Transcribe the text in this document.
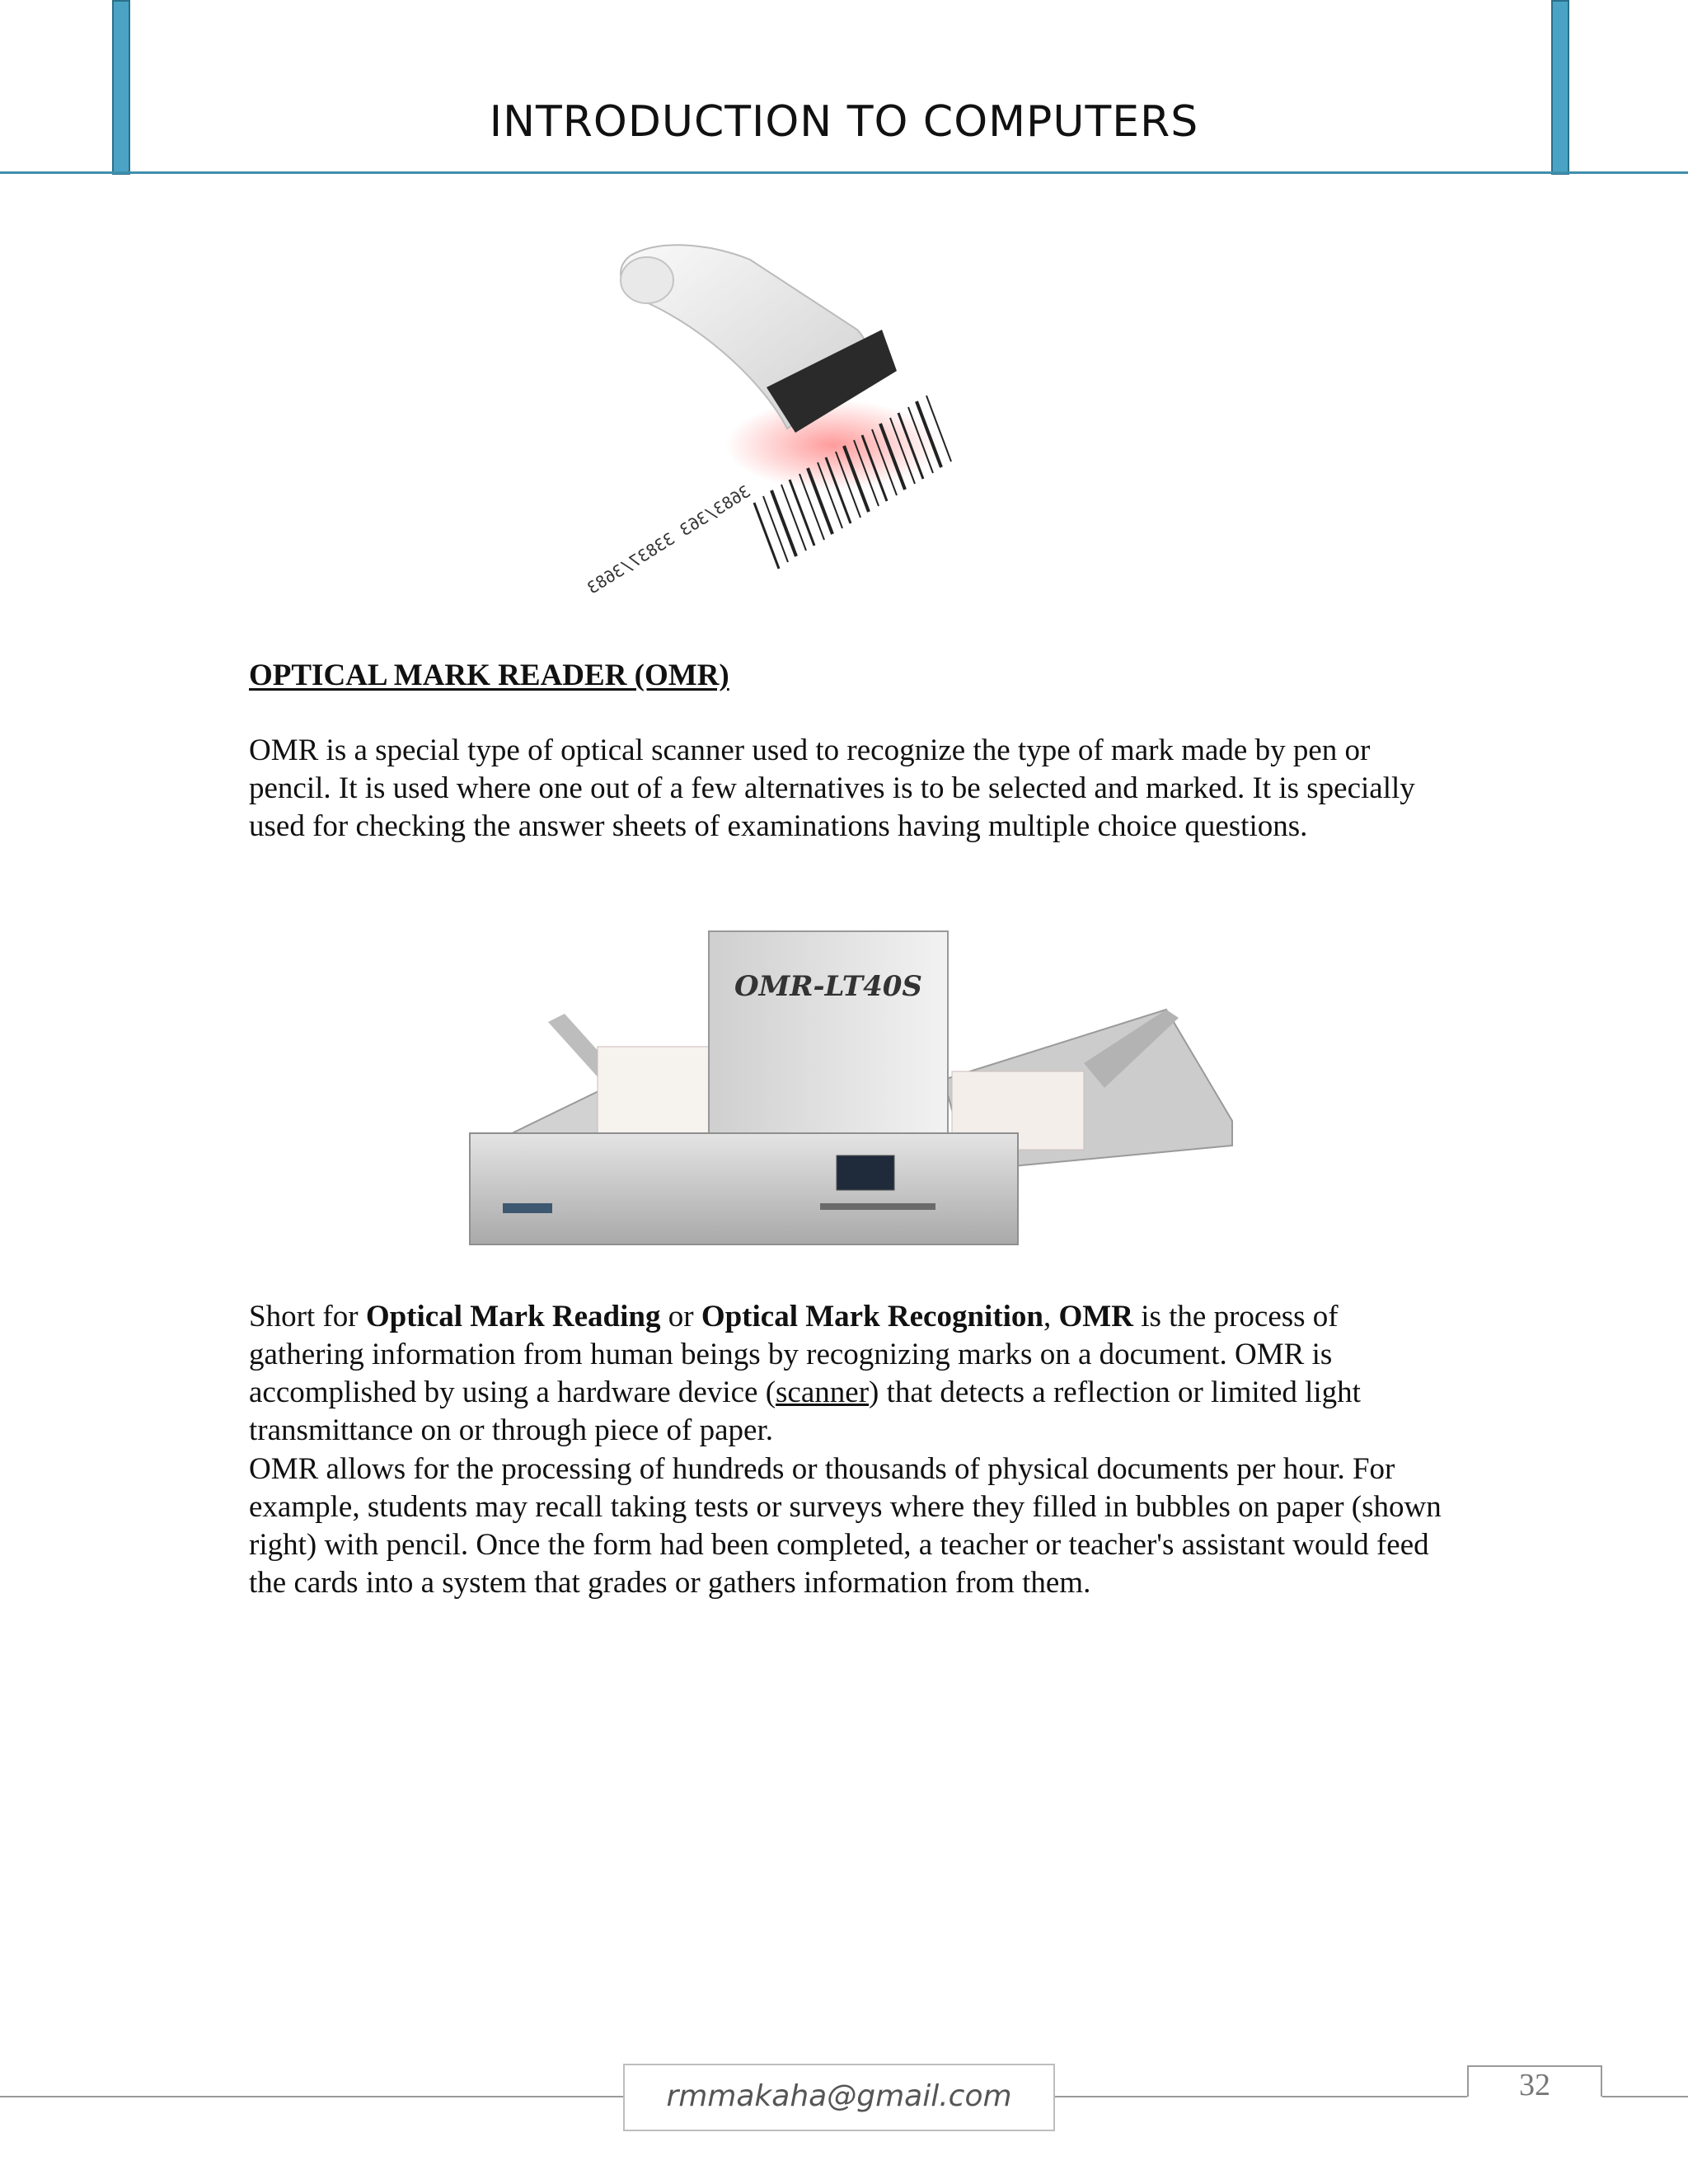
INTRODUCTION TO COMPUTERS
3683/363 33837/3683
OPTICAL MARK READER (OMR)
OMR is a special type of optical scanner used to recognize the type of mark made by pen or pencil. It is used where one out of a few alternatives is to be selected and marked. It is specially used for checking the answer sheets of examinations having multiple choice questions.
OMR-LT40S
Short for Optical Mark Reading or Optical Mark Recognition, OMR is the process of gathering information from human beings by recognizing marks on a document. OMR is accomplished by using a hardware device (scanner) that detects a reflection or limited light transmittance on or through piece of paper.
OMR allows for the processing of hundreds or thousands of physical documents per hour. For example, students may recall taking tests or surveys where they filled in bubbles on paper (shown right) with pencil. Once the form had been completed, a teacher or teacher's assistant would feed the cards into a system that grades or gathers information from them.
rmmakaha@gmail.com	32
